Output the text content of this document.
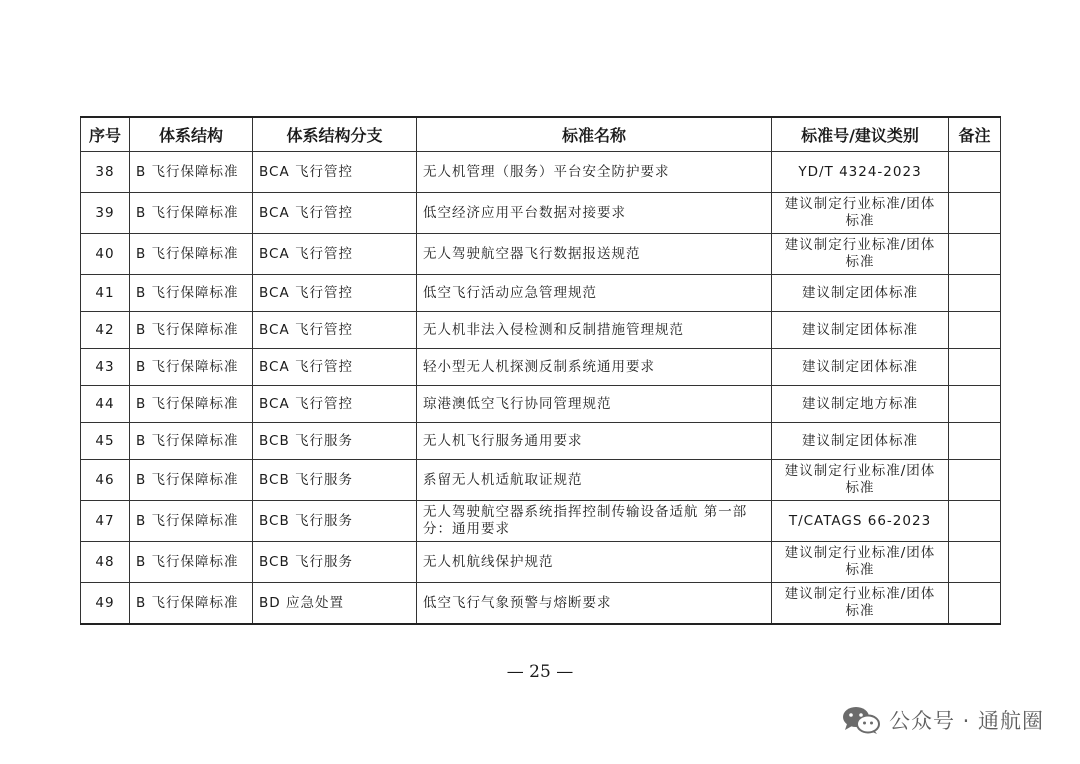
序号	体系结构	体系结构分支	标准名称	标准号/建议类别	备注
38	B 飞行保障标准	BCA 飞行管控	无人机管理（服务）平台安全防护要求	YD/T 4324-2023	
39	B 飞行保障标准	BCA 飞行管控	低空经济应用平台数据对接要求	建议制定行业标准/团体标准	
40	B 飞行保障标准	BCA 飞行管控	无人驾驶航空器飞行数据报送规范	建议制定行业标准/团体标准	
41	B 飞行保障标准	BCA 飞行管控	低空飞行活动应急管理规范	建议制定团体标准	
42	B 飞行保障标准	BCA 飞行管控	无人机非法入侵检测和反制措施管理规范	建议制定团体标准	
43	B 飞行保障标准	BCA 飞行管控	轻小型无人机探测反制系统通用要求	建议制定团体标准	
44	B 飞行保障标准	BCA 飞行管控	琼港澳低空飞行协同管理规范	建议制定地方标准	
45	B 飞行保障标准	BCB 飞行服务	无人机飞行服务通用要求	建议制定团体标准	
46	B 飞行保障标准	BCB 飞行服务	系留无人机适航取证规范	建议制定行业标准/团体标准	
47	B 飞行保障标准	BCB 飞行服务	无人驾驶航空器系统指挥控制传输设备适航 第一部分：通用要求	T/CATAGS 66-2023	
48	B 飞行保障标准	BCB 飞行服务	无人机航线保护规范	建议制定行业标准/团体标准	
49	B 飞行保障标准	BD 应急处置	低空飞行气象预警与熔断要求	建议制定行业标准/团体标准	
— 25 —
公众号 · 通航圈
